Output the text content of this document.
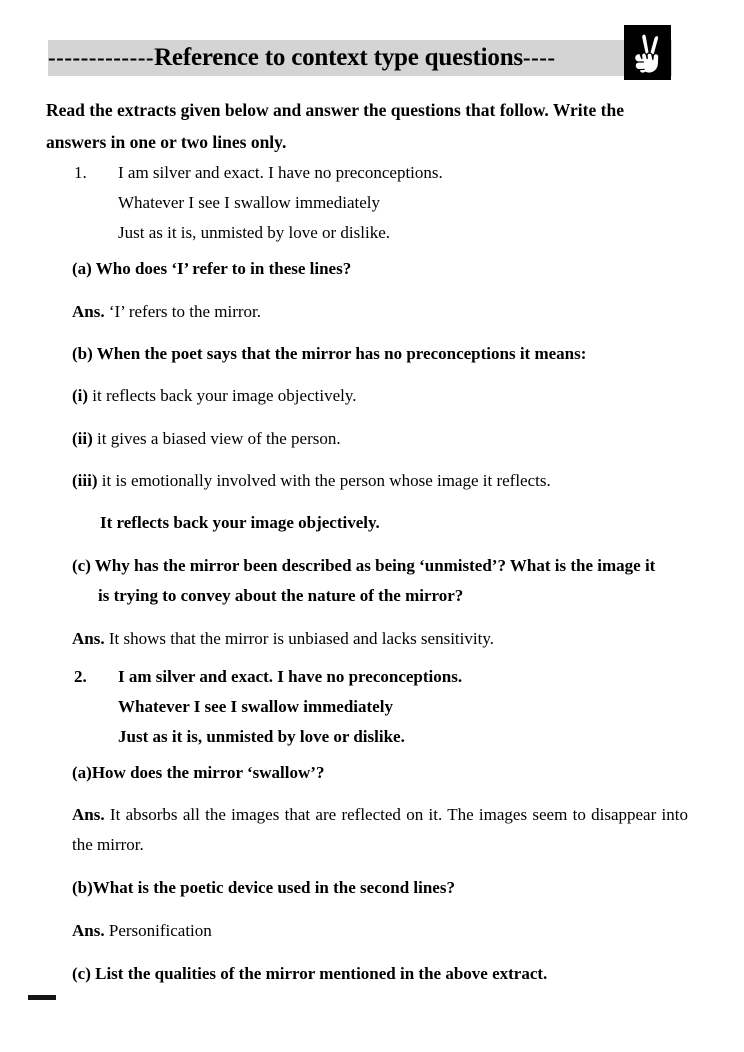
-------------Reference to context type questions----
Read the extracts given below and answer the questions that follow. Write the
answers in one or two lines only.
1. I am silver and exact. I have no preconceptions.
Whatever I see I swallow immediately
Just as it is, unmisted by love or dislike.
(a) Who does ‘I’ refer to in these lines?
Ans. ‘I’ refers to the mirror.
(b) When the poet says that the mirror has no preconceptions it means:
(i) it reflects back your image objectively.
(ii) it gives a biased view of the person.
(iii) it is emotionally involved with the person whose image it reflects.
It reflects back your image objectively.
(c) Why has the mirror been described as being ‘unmisted’? What is the image it
is trying to convey about the nature of the mirror?
Ans. It shows that the mirror is unbiased and lacks sensitivity.
2. I am silver and exact. I have no preconceptions.
Whatever I see I swallow immediately
Just as it is, unmisted by love or dislike.
(a)How does the mirror ‘swallow’?
Ans. It absorbs all the images that are reflected on it. The images seem to disappear into the mirror.
(b)What is the poetic device used in the second lines?
Ans. Personification
(c) List the qualities of the mirror mentioned in the above extract.
